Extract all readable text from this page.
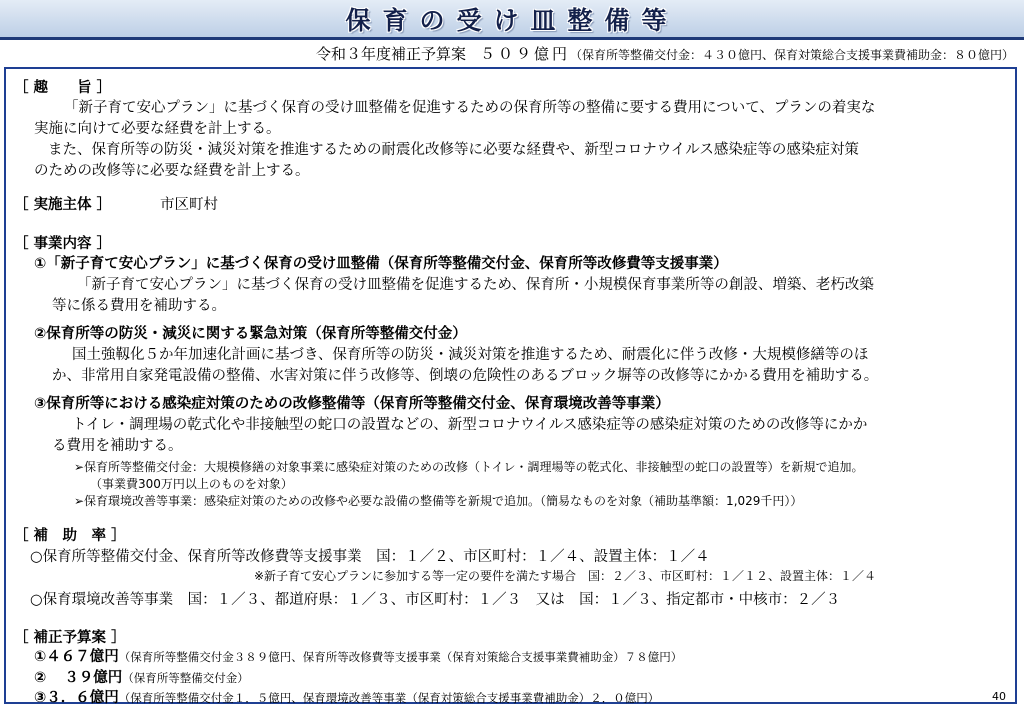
保育の受け皿整備等
令和３年度補正予算案 ５０９億円（保育所等整備交付金：４３０億円、保育対策総合支援事業費補助金：８０億円）
［ 趣　　旨 ］
「新子育て安心プラン」に基づく保育の受け皿整備を促進するための保育所等の整備に要する費用について、プランの着実な
実施に向けて必要な経費を計上する。
また、保育所等の防災・減災対策を推進するための耐震化改修等に必要な経費や、新型コロナウイルス感染症等の感染症対策
のための改修等に必要な経費を計上する。
［ 実施主体 ］	市区町村
［ 事業内容 ］
①「新子育て安心プラン」に基づく保育の受け皿整備（保育所等整備交付金、保育所等改修費等支援事業）
「新子育て安心プラン」に基づく保育の受け皿整備を促進するため、保育所・小規模保育事業所等の創設、増築、老朽改築
等に係る費用を補助する。
②保育所等の防災・減災に関する緊急対策（保育所等整備交付金）
国土強靱化５か年加速化計画に基づき、保育所等の防災・減災対策を推進するため、耐震化に伴う改修・大規模修繕等のほ
か、非常用自家発電設備の整備、水害対策に伴う改修等、倒壊の危険性のあるブロック塀等の改修等にかかる費用を補助する。
③保育所等における感染症対策のための改修整備等（保育所等整備交付金、保育環境改善等事業）
トイレ・調理場の乾式化や非接触型の蛇口の設置などの、新型コロナウイルス感染症等の感染症対策のための改修等にかか
る費用を補助する。
➢保育所等整備交付金：大規模修繕の対象事業に感染症対策のための改修（トイレ・調理場等の乾式化、非接触型の蛇口の設置等）を新規で追加。
（事業費300万円以上のものを対象）
➢保育環境改善等事業：感染症対策のための改修や必要な設備の整備等を新規で追加。（簡易なものを対象（補助基準額：1,029千円））
［ 補　助　率 ］
○保育所等整備交付金、保育所等改修費等支援事業　国：１／２、市区町村：１／４、設置主体：１／４
※新子育て安心プランに参加する等一定の要件を満たす場合　国：２／３、市区町村：１／１２、設置主体：１／４
○保育環境改善等事業　国：１／３、都道府県：１／３、市区町村：１／３　又は　国：１／３、指定都市・中核市：２／３
［ 補正予算案 ］
①４６７億円（保育所等整備交付金３８９億円、保育所等改修費等支援事業（保育対策総合支援事業費補助金）７８億円）
② ３９億円（保育所等整備交付金）
③３．６億円（保育所等整備交付金１．５億円、保育環境改善等事業（保育対策総合支援事業費補助金）２．０億円）	40
